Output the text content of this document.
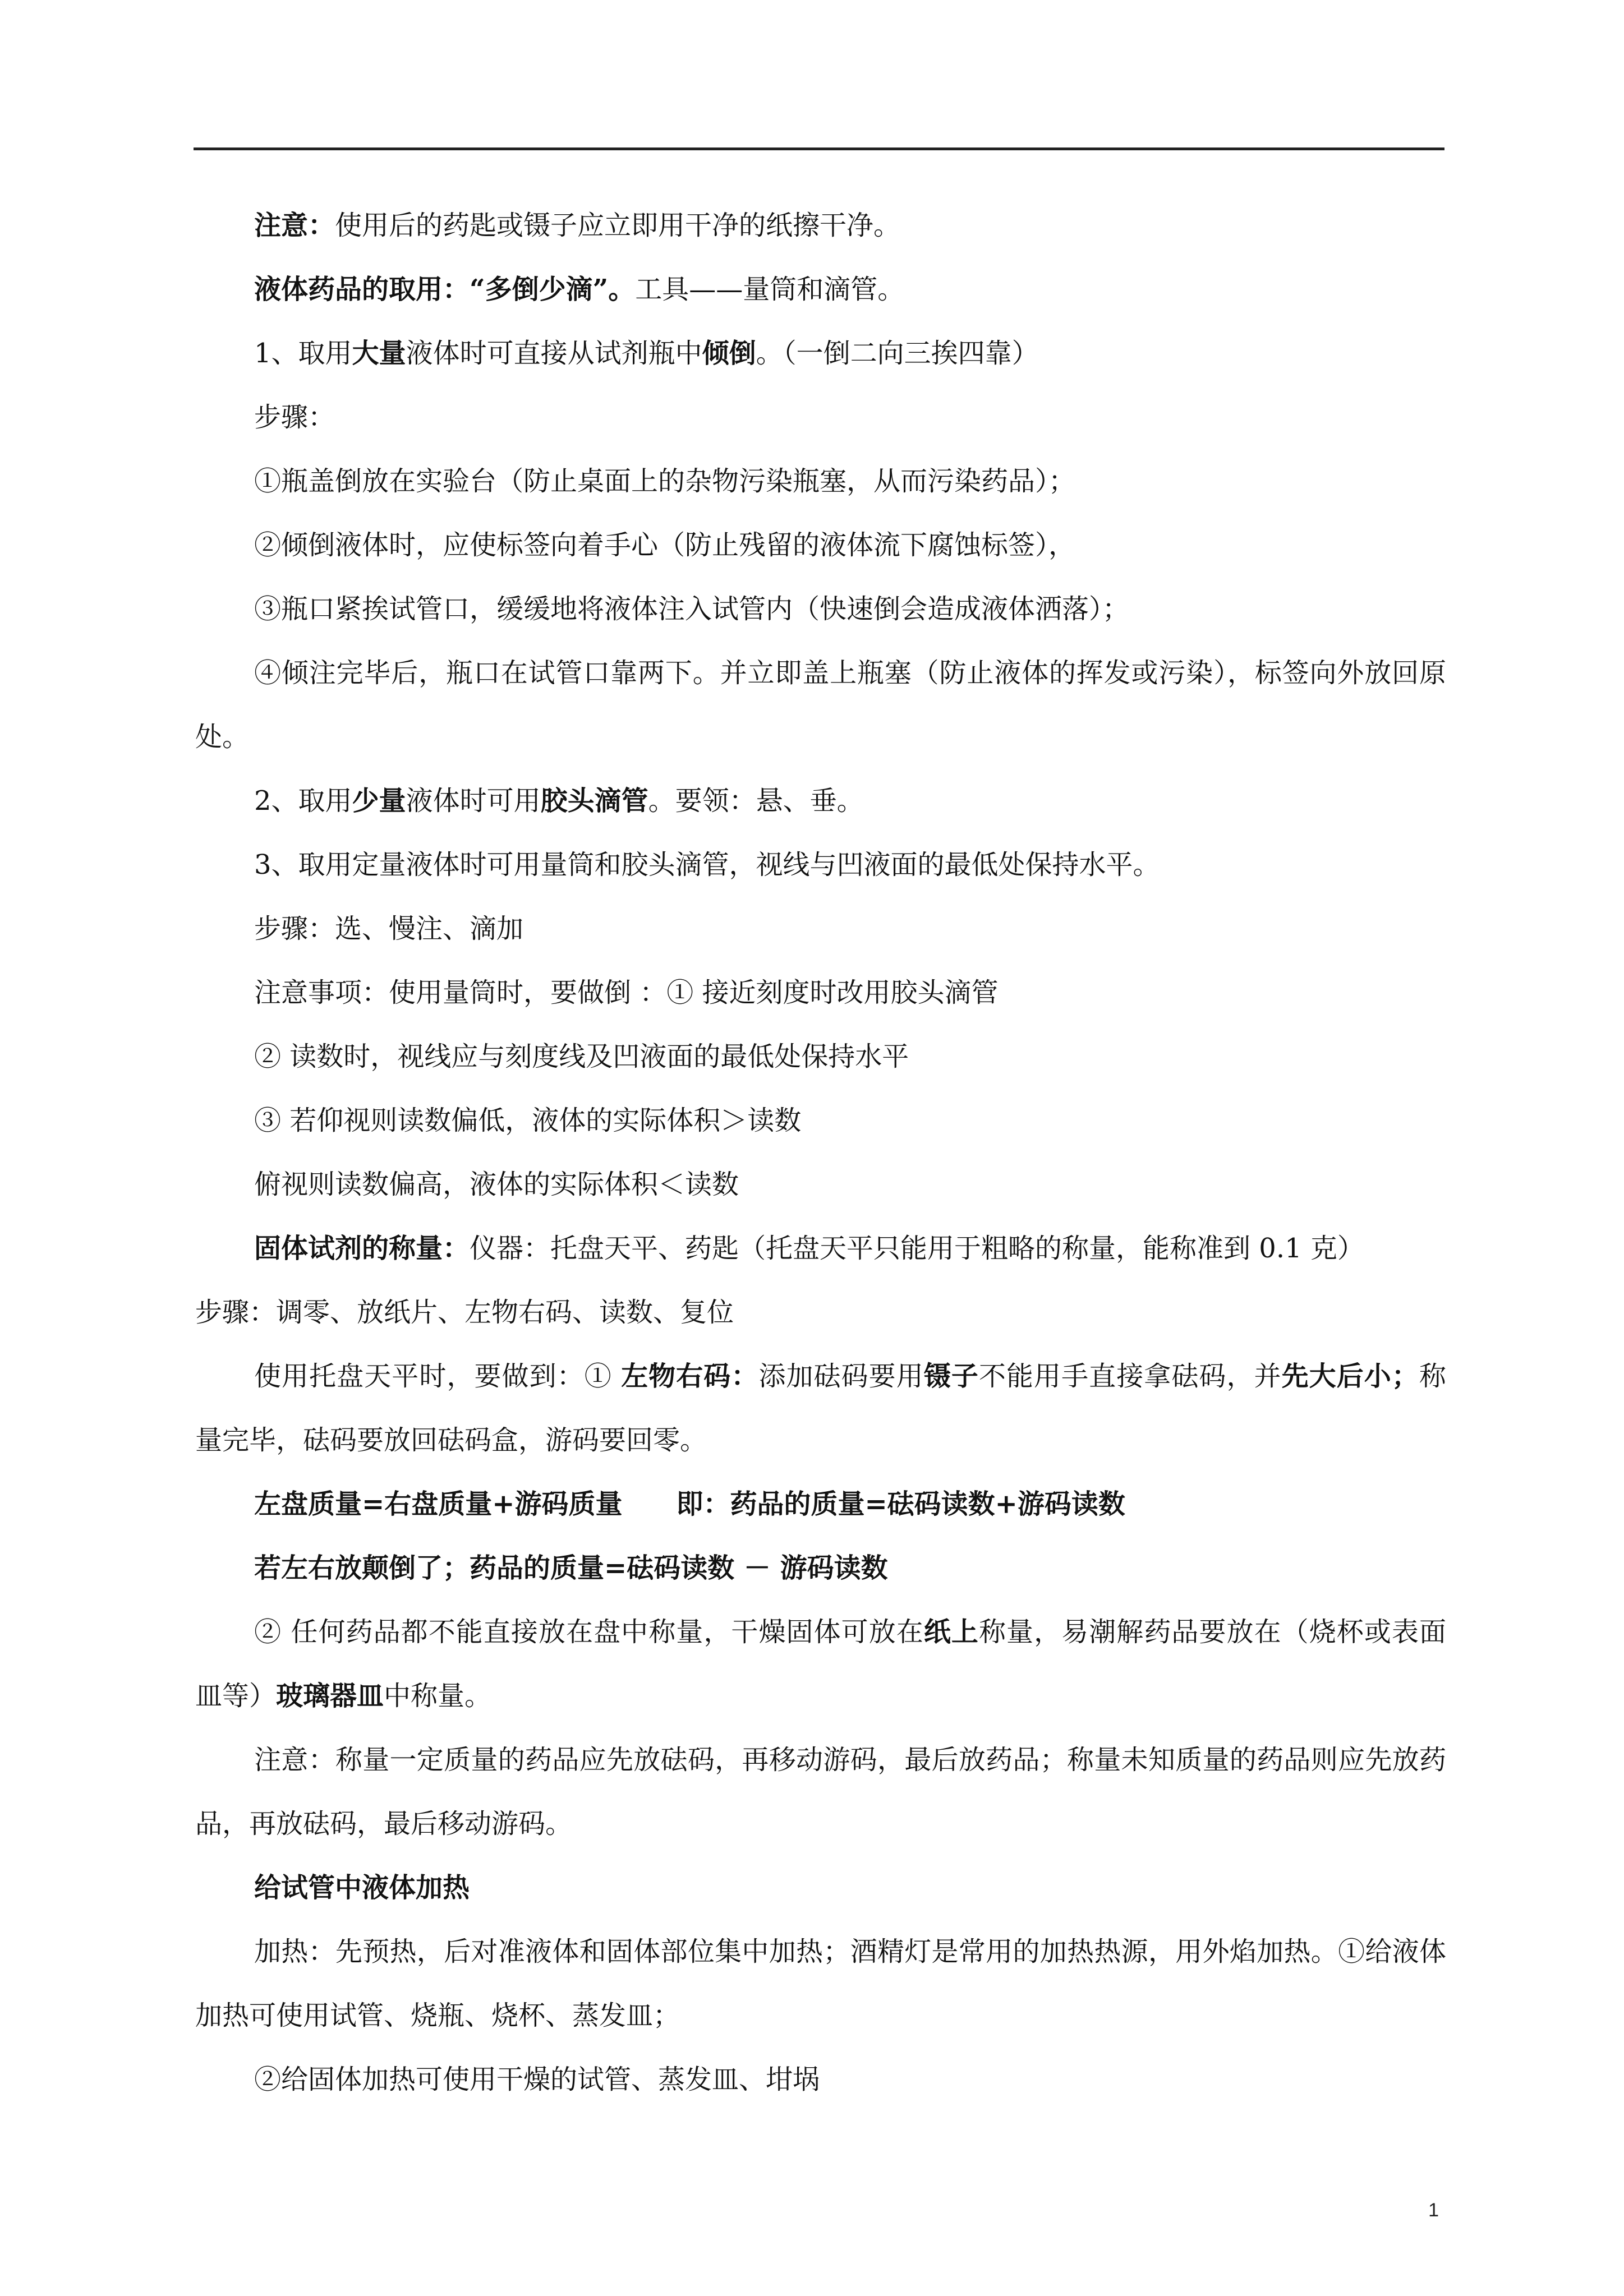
注意：使用后的药匙或镊子应立即用干净的纸擦干净。

液体药品的取用：“多倒少滴”。工具——量筒和滴管。

1、取用大量液体时可直接从试剂瓶中倾倒。（一倒二向三挨四靠）

步骤：

①瓶盖倒放在实验台（防止桌面上的杂物污染瓶塞，从而污染药品）；

②倾倒液体时，应使标签向着手心（防止残留的液体流下腐蚀标签），

③瓶口紧挨试管口，缓缓地将液体注入试管内（快速倒会造成液体洒落）；

④倾注完毕后，瓶口在试管口靠两下。并立即盖上瓶塞（防止液体的挥发或污染），标签向外放回原处。

2、取用少量液体时可用胶头滴管。要领：悬、垂。

3、取用定量液体时可用量筒和胶头滴管，视线与凹液面的最低处保持水平。

步骤：选、慢注、滴加

注意事项：使用量筒时，要做倒 ：① 接近刻度时改用胶头滴管

② 读数时，视线应与刻度线及凹液面的最低处保持水平

③ 若仰视则读数偏低，液体的实际体积＞读数

俯视则读数偏高，液体的实际体积＜读数

固体试剂的称量：仪器：托盘天平、药匙（托盘天平只能用于粗略的称量，能称准到 0.1 克）

步骤：调零、放纸片、左物右码、读数、复位

使用托盘天平时，要做到：① 左物右码：添加砝码要用镊子不能用手直接拿砝码，并先大后小；称量完毕，砝码要放回砝码盒，游码要回零。

左盘质量=右盘质量+游码质量 即：药品的质量=砝码读数+游码读数

若左右放颠倒了；药品的质量=砝码读数 － 游码读数

② 任何药品都不能直接放在盘中称量，干燥固体可放在纸上称量，易潮解药品要放在（烧杯或表面皿等）玻璃器皿中称量。

注意：称量一定质量的药品应先放砝码，再移动游码，最后放药品；称量未知质量的药品则应先放药品，再放砝码，最后移动游码。

给试管中液体加热

加热：先预热，后对准液体和固体部位集中加热；酒精灯是常用的加热热源，用外焰加热。①给液体加热可使用试管、烧瓶、烧杯、蒸发皿；

②给固体加热可使用干燥的试管、蒸发皿、坩埚

1
